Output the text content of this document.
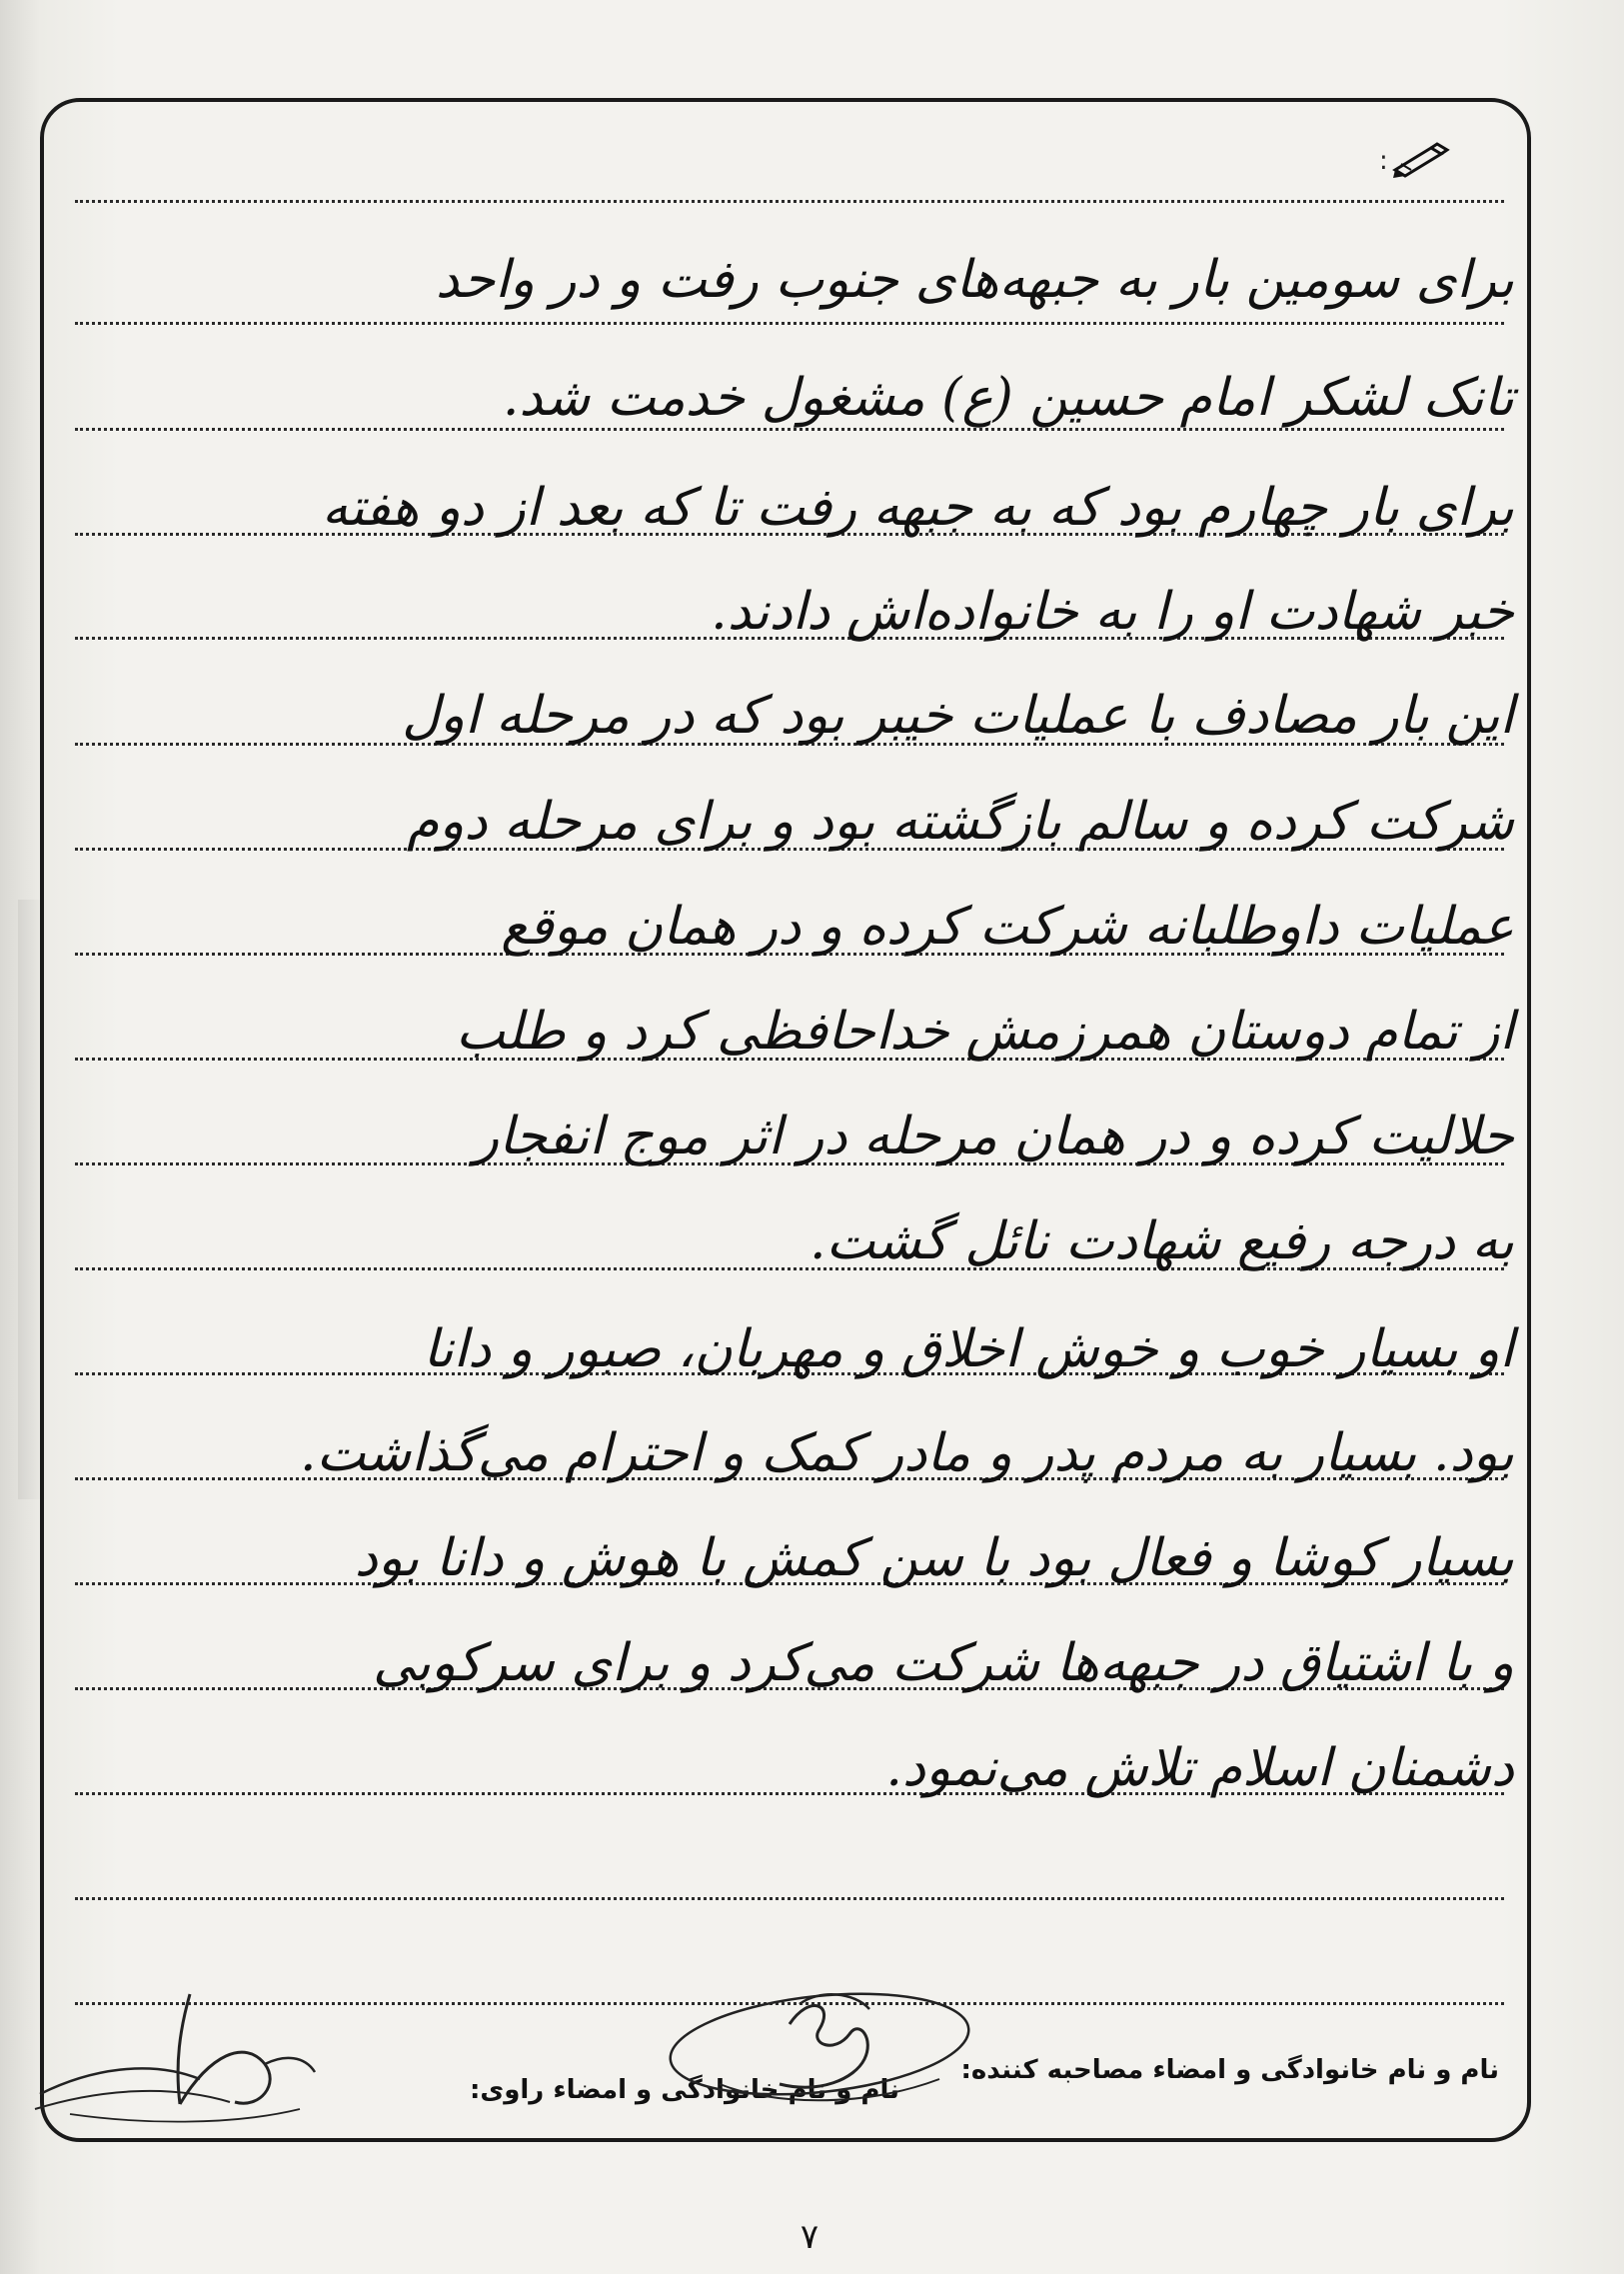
:
برای سومین بار به جبهه‌های جنوب رفت و در واحد
تانک لشکر امام حسین (ع) مشغول خدمت شد.
برای بار چهارم بود که به جبهه رفت تا که بعد از دو هفته
خبر شهادت او را به خانواده‌اش دادند.
این بار مصادف با عملیات خیبر بود که در مرحله اول
شرکت کرده و سالم بازگشته بود و برای مرحله دوم
عملیات داوطلبانه شرکت کرده و در همان موقع
از تمام دوستان همرزمش خداحافظی کرد و طلب
حلالیت کرده و در همان مرحله در اثر موج انفجار
به درجه رفیع شهادت نائل گشت.
او بسیار خوب و خوش اخلاق و مهربان، صبور و دانا
بود. بسیار به مردم پدر و مادر کمک و احترام می‌گذاشت.
بسیار کوشا و فعال بود با سن کمش با هوش و دانا بود
و با اشتیاق در جبهه‌ها شرکت می‌کرد و برای سرکوبی
دشمنان اسلام تلاش می‌نمود.
نام و نام خانوادگی و امضاء مصاحبه کننده:
نام و نام خانوادگی و امضاء راوی:
۷
